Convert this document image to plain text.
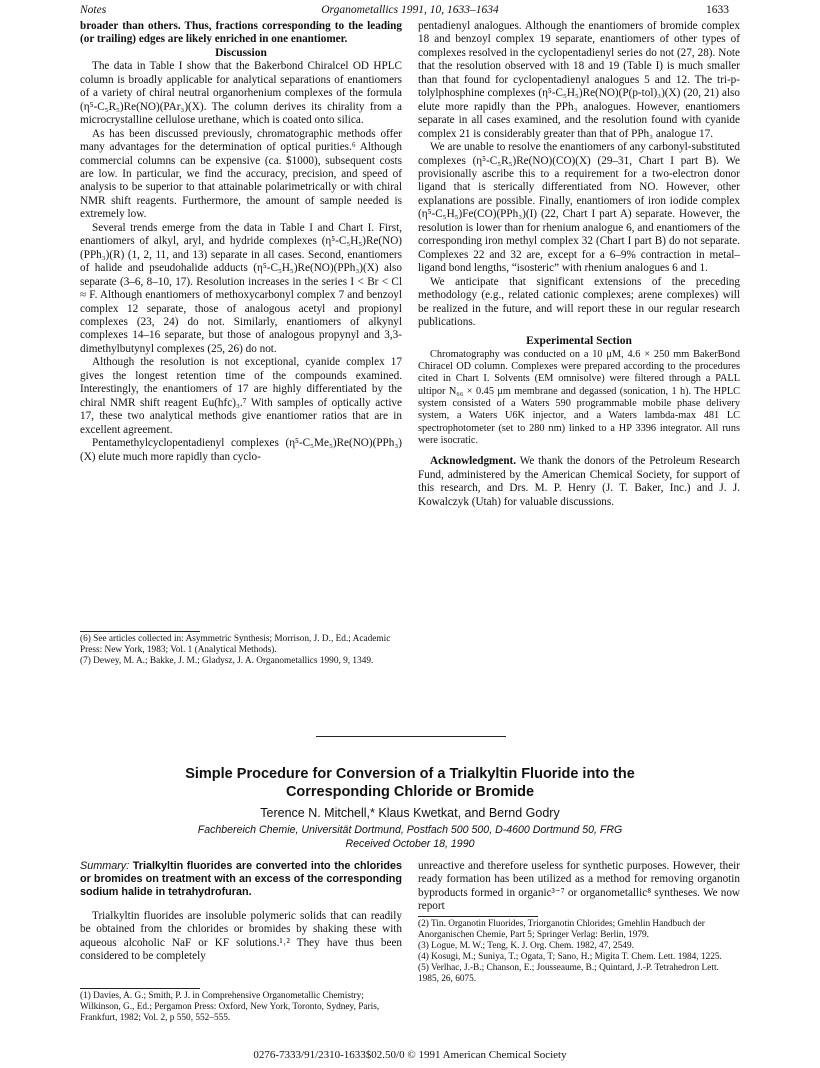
Notes	Organometallics 1991, 10, 1633–1634	1633

broader than others. Thus, fractions corresponding to the leading (or trailing) edges are likely enriched in one enantiomer.

Discussion

The data in Table I show that the Bakerbond Chiralcel OD HPLC column is broadly applicable for analytical separations of enantiomers of a variety of chiral neutral organorhenium complexes of the formula (η⁵-C₅R₅)Re(NO)(PAr₃)(X). The column derives its chirality from a microcrystalline cellulose urethane, which is coated onto silica.

As has been discussed previously, chromatographic methods offer many advantages for the determination of optical purities.⁶ Although commercial columns can be expensive (ca. $1000), subsequent costs are low. In particular, we find the accuracy, precision, and speed of analysis to be superior to that attainable polarimetrically or with chiral NMR shift reagents. Furthermore, the amount of sample needed is extremely low.

Several trends emerge from the data in Table I and Chart I. First, enantiomers of alkyl, aryl, and hydride complexes (η⁵-C₅H₅)Re(NO)(PPh₃)(R) (1, 2, 11, and 13) separate in all cases. Second, enantiomers of halide and pseudohalide adducts (η⁵-C₅H₅)Re(NO)(PPh₃)(X) also separate (3–6, 8–10, 17). Resolution increases in the series I < Br < Cl ≈ F. Although enantiomers of methoxycarbonyl complex 7 and benzoyl complex 12 separate, those of analogous acetyl and propionyl complexes (23, 24) do not. Similarly, enantiomers of alkynyl complexes 14–16 separate, but those of analogous propynyl and 3,3-dimethylbutynyl complexes (25, 26) do not.

Although the resolution is not exceptional, cyanide complex 17 gives the longest retention time of the compounds examined. Interestingly, the enantiomers of 17 are highly differentiated by the chiral NMR shift reagent Eu(hfc)₃.⁷ With samples of optically active 17, these two analytical methods give enantiomer ratios that are in excellent agreement.

Pentamethylcyclopentadienyl complexes (η⁵-C₅Me₅)Re(NO)(PPh₃)(X) elute much more rapidly than cyclo-

(6) See articles collected in: Asymmetric Synthesis; Morrison, J. D., Ed.; Academic Press: New York, 1983; Vol. 1 (Analytical Methods).

(7) Dewey, M. A.; Bakke, J. M.; Gladysz, J. A. Organometallics 1990, 9, 1349.

pentadienyl analogues. Although the enantiomers of bromide complex 18 and benzoyl complex 19 separate, enantiomers of other types of complexes resolved in the cyclopentadienyl series do not (27, 28). Note that the resolution observed with 18 and 19 (Table I) is much smaller than that found for cyclopentadienyl analogues 5 and 12. The tri-p-tolylphosphine complexes (η⁵-C₅H₅)Re(NO)(P(p-tol)₃)(X) (20, 21) also elute more rapidly than the PPh₃ analogues. However, enantiomers separate in all cases examined, and the resolution found with cyanide complex 21 is considerably greater than that of PPh₃ analogue 17.

We are unable to resolve the enantiomers of any carbonyl-substituted complexes (η⁵-C₅R₅)Re(NO)(CO)(X) (29–31, Chart I part B). We provisionally ascribe this to a requirement for a two-electron donor ligand that is sterically differentiated from NO. However, other explanations are possible. Finally, enantiomers of iron iodide complex (η⁵-C₅H₅)Fe(CO)(PPh₃)(I) (22, Chart I part A) separate. However, the resolution is lower than for rhenium analogue 6, and enantiomers of the corresponding iron methyl complex 32 (Chart I part B) do not separate. Complexes 22 and 32 are, except for a 6–9% contraction in metal–ligand bond lengths, “isosteric” with rhenium analogues 6 and 1.

We anticipate that significant extensions of the preceding methodology (e.g., related cationic complexes; arene complexes) will be realized in the future, and will report these in our regular research publications.

Experimental Section

Chromatography was conducted on a 10 μM, 4.6 × 250 mm BakerBond Chiracel OD column. Complexes were prepared according to the procedures cited in Chart I. Solvents (EM omnisolve) were filtered through a PALL ultipor N₆₆ × 0.45 μm membrane and degassed (sonication, 1 h). The HPLC system consisted of a Waters 590 programmable mobile phase delivery system, a Waters U6K injector, and a Waters lambda-max 481 LC spectrophotometer (set to 280 nm) linked to a HP 3396 integrator. All runs were isocratic.

Acknowledgment. We thank the donors of the Petroleum Research Fund, administered by the American Chemical Society, for support of this research, and Drs. M. P. Henry (J. T. Baker, Inc.) and J. J. Kowalczyk (Utah) for valuable discussions.

Simple Procedure for Conversion of a Trialkyltin Fluoride into the
Corresponding Chloride or Bromide
Terence N. Mitchell,* Klaus Kwetkat, and Bernd Godry
Fachbereich Chemie, Universität Dortmund, Postfach 500 500, D-4600 Dortmund 50, FRG
Received October 18, 1990

Summary: Trialkyltin fluorides are converted into the chlorides or bromides on treatment with an excess of the corresponding sodium halide in tetrahydrofuran.

Trialkyltin fluorides are insoluble polymeric solids that can readily be obtained from the chlorides or bromides by shaking these with aqueous alcoholic NaF or KF solutions.¹˒² They have thus been considered to be completely

(1) Davies, A. G.; Smith, P. J. in Comprehensive Organometallic Chemistry; Wilkinson, G., Ed.; Pergamon Press: Oxford, New York, Toronto, Sydney, Paris, Frankfurt, 1982; Vol. 2, p 550, 552–555.

unreactive and therefore useless for synthetic purposes. However, their ready formation has been utilized as a method for removing organotin byproducts formed in organic³⁻⁷ or organometallic⁸ syntheses. We now report

(2) Tin. Organotin Fluorides, Triorganotin Chlorides; Gmehlin Handbuch der Anorganischen Chemie, Part 5; Springer Verlag: Berlin, 1979.

(3) Logue, M. W.; Teng, K. J. Org. Chem. 1982, 47, 2549.

(4) Kosugi, M.; Suniya, T.; Ogata, T; Sano, H.; Migita T. Chem. Lett. 1984, 1225.

(5) Verlhac, J.-B.; Chanson, E.; Jousseaume, B.; Quintard, J.-P. Tetrahedron Lett. 1985, 26, 6075.

0276-7333/91/2310-1633$02.50/0 © 1991 American Chemical Society
